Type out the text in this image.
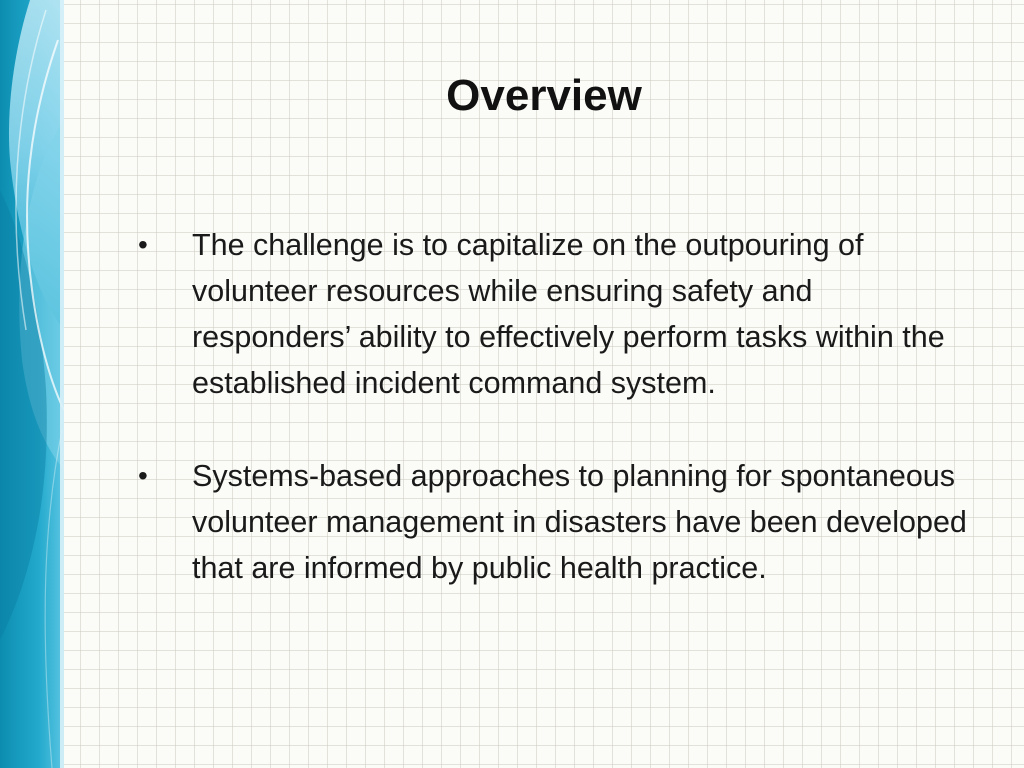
Overview
•	The challenge is to capitalize on the outpouring of volunteer resources while ensuring safety and responders’ ability to effectively perform tasks within the established incident command system.
•	Systems-based approaches to planning for spontaneous volunteer management in disasters have been developed that are informed by public health practice.
